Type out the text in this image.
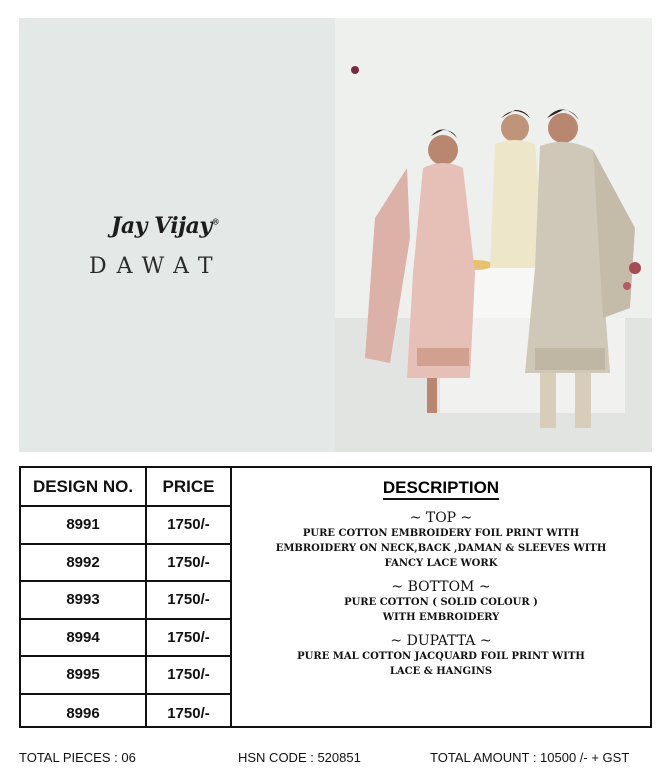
Jay Vijay®
DAWAT
DESIGN NO.
8991
8992
8993
8994
8995
8996
PRICE
1750/-
1750/-
1750/-
1750/-
1750/-
1750/-
DESCRIPTION
~ TOP ~
PURE COTTON EMBROIDERY FOIL PRINT WITH
EMBROIDERY ON NECK,BACK ,DAMAN & SLEEVES WITH
FANCY LACE WORK
~ BOTTOM ~
PURE COTTON ( SOLID COLOUR )
WITH EMBROIDERY
~ DUPATTA ~
PURE MAL COTTON JACQUARD FOIL PRINT WITH
LACE & HANGINS
TOTAL PIECES : 06	HSN CODE : 520851	TOTAL AMOUNT : 10500 /- + GST
